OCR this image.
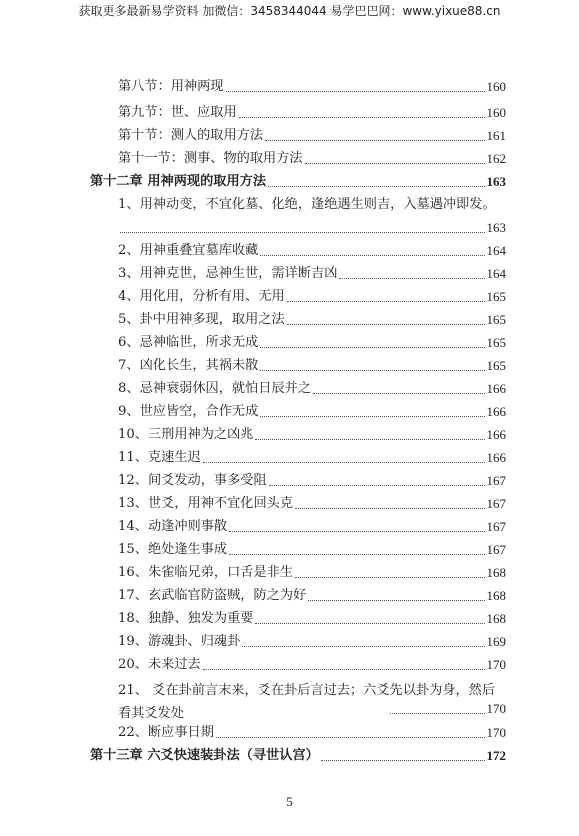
获取更多最新易学资料 加微信：3458344044 易学巴巴网：www.yixue88.cn
第八节：用神两现	160
第九节：世、应取用	160
第十节：测人的取用方法	161
第十一节：测事、物的取用方法	162
第十二章 用神两现的取用方法	163
1、用神动变，不宜化墓、化绝，逢绝遇生则吉，入墓遇冲即发。
163
2、用神重叠宜墓库收藏	164
3、用神克世，忌神生世，需详断吉凶	164
4、用化用，分析有用、无用	165
5、卦中用神多现，取用之法	165
6、忌神临世，所求无成	165
7、凶化长生，其祸未散	165
8、忌神衰弱休囚，就怕日辰并之	166
9、世应皆空，合作无成	166
10、三刑用神为之凶兆	166
11、克速生迟	166
12、间爻发动，事多受阻	167
13、世爻，用神不宜化回头克	167
14、动逢冲则事散	167
15、绝处逢生事成	167
16、朱雀临兄弟，口舌是非生	168
17、玄武临官防盗贼，防之为好	168
18、独静、独发为重要	168
19、游魂卦、归魂卦	169
20、未来过去	170
21、 爻在卦前言末来，爻在卦后言过去；六爻先以卦为身，然后看其爻发处	170
22、断应事日期	170
第十三章 六爻快速装卦法（寻世认宫）	172
5
